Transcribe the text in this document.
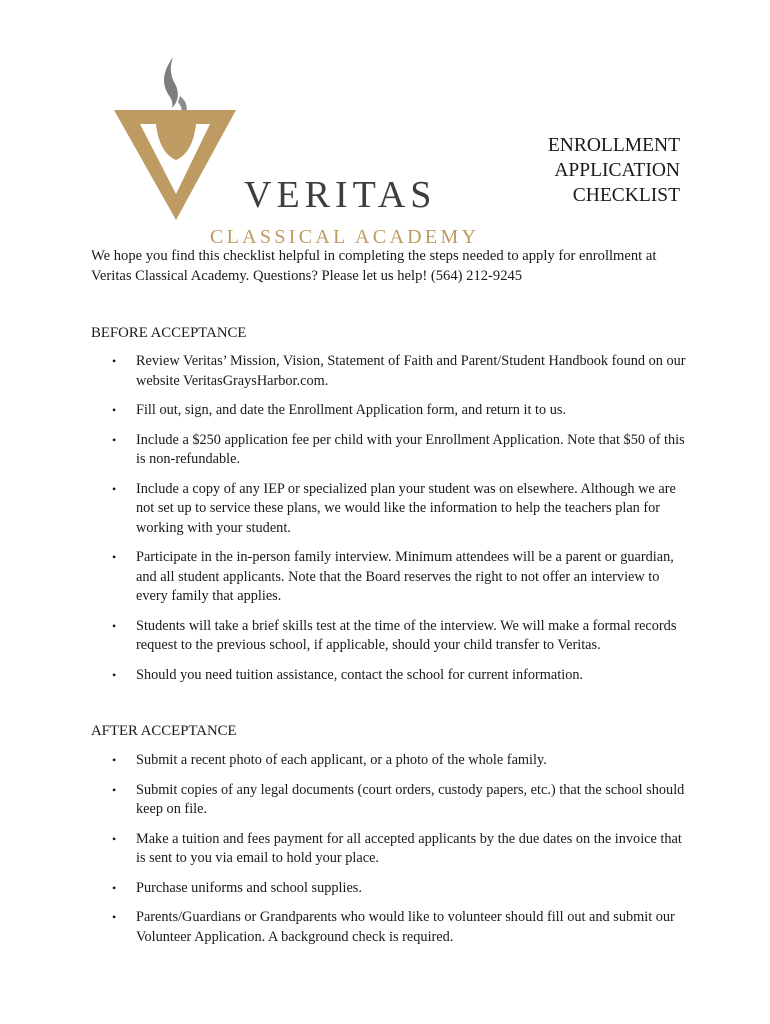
VERITAS

CLASSICAL ACADEMY

ENROLLMENT
APPLICATION
CHECKLIST

We hope you find this checklist helpful in completing the steps needed to apply for enrollment at Veritas Classical Academy. Questions? Please let us help! (564) 212-9245

BEFORE ACCEPTANCE
• Review Veritas’ Mission, Vision, Statement of Faith and Parent/Student Handbook found on our website VeritasGraysHarbor.com.
• Fill out, sign, and date the Enrollment Application form, and return it to us.
• Include a $250 application fee per child with your Enrollment Application. Note that $50 of this is non-refundable.
• Include a copy of any IEP or specialized plan your student was on elsewhere. Although we are not set up to service these plans, we would like the information to help the teachers plan for working with your student.
• Participate in the in-person family interview. Minimum attendees will be a parent or guardian, and all student applicants. Note that the Board reserves the right to not offer an interview to every family that applies.
• Students will take a brief skills test at the time of the interview. We will make a formal records request to the previous school, if applicable, should your child transfer to Veritas.
• Should you need tuition assistance, contact the school for current information.
AFTER ACCEPTANCE
• Submit a recent photo of each applicant, or a photo of the whole family.
• Submit copies of any legal documents (court orders, custody papers, etc.) that the school should keep on file.
• Make a tuition and fees payment for all accepted applicants by the due dates on the invoice that is sent to you via email to hold your place.
• Purchase uniforms and school supplies.
• Parents/Guardians or Grandparents who would like to volunteer should fill out and submit our Volunteer Application. A background check is required.
